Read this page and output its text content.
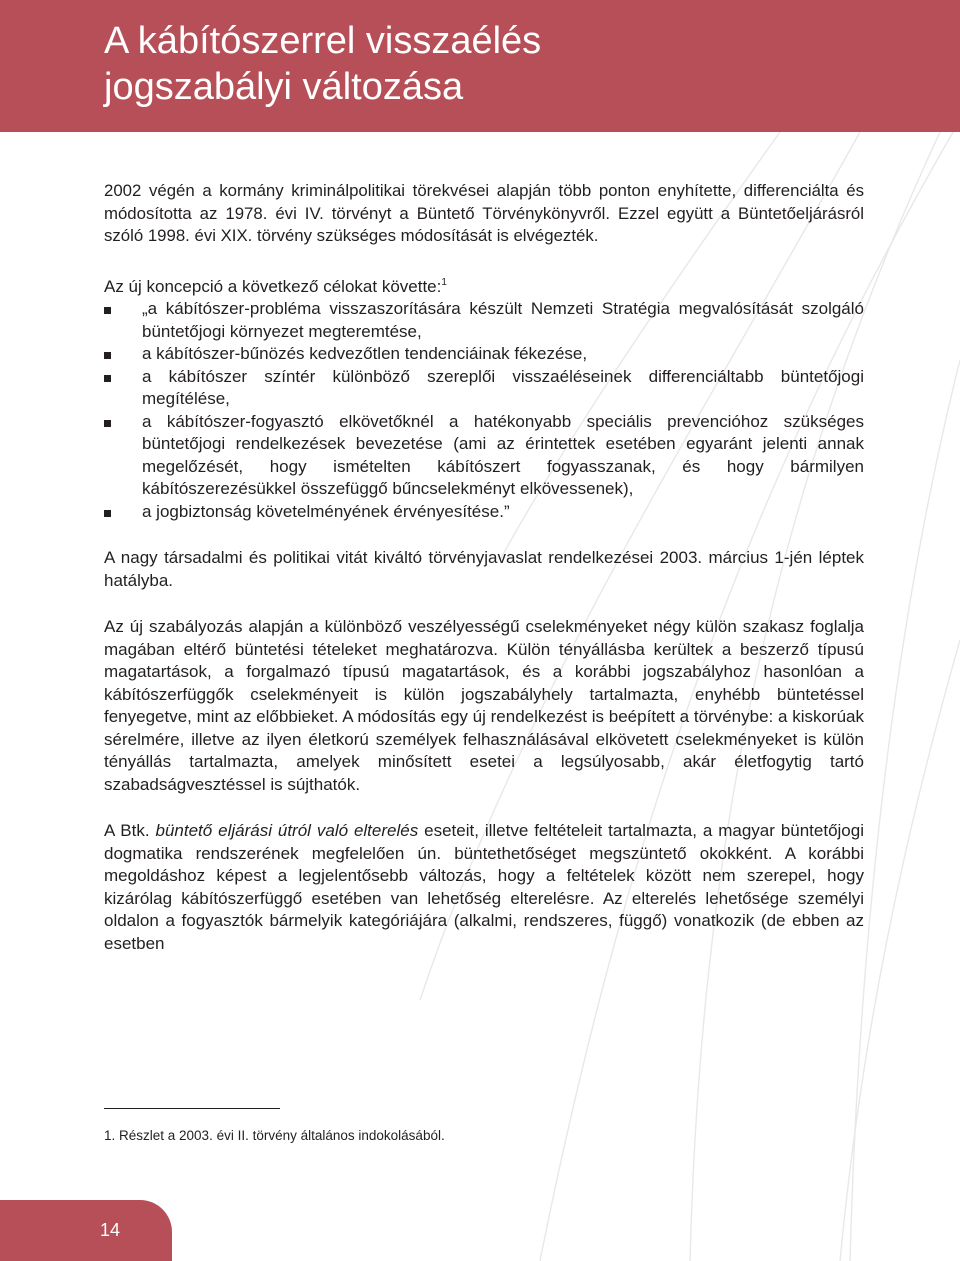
A kábítószerrel visszaélés
jogszabályi változása

2002 végén a kormány kriminálpolitikai törekvései alapján több ponton enyhítette, differenciálta és módosította az 1978. évi IV. törvényt a Büntető Törvénykönyvről. Ezzel együtt a Büntetőeljárásról szóló 1998. évi XIX. törvény szükséges módosítását is elvégezték.

Az új koncepció a következő célokat követte:$^1$

„a kábítószer-probléma visszaszorítására készült Nemzeti Stratégia megvalósítását szolgáló büntetőjogi környezet megteremtése,
a kábítószer-bűnözés kedvezőtlen tendenciáinak fékezése,
a kábítószer színtér különböző szereplői visszaéléseinek differenciáltabb büntetőjogi megítélése,
a kábítószer-fogyasztó elkövetőknél a hatékonyabb speciális prevencióhoz szükséges büntetőjogi rendelkezések bevezetése (ami az érintettek esetében egyaránt jelenti annak megelőzését, hogy ismételten kábítószert fogyasszanak, és hogy bármilyen kábítószerezésükkel összefüggő bűncselekményt elkövessenek),
a jogbiztonság követelményének érvényesítése.”

A nagy társadalmi és politikai vitát kiváltó törvényjavaslat rendelkezései 2003. március 1-jén léptek hatályba.

Az új szabályozás alapján a különböző veszélyességű cselekményeket négy külön szakasz foglalja magában eltérő büntetési tételeket meghatározva. Külön tényállásba kerültek a beszerző típusú magatartások, a forgalmazó típusú magatartások, és a korábbi jogszabályhoz hasonlóan a kábítószerfüggők cselekményeit is külön jogszabályhely tartalmazta, enyhébb büntetéssel fenyegetve, mint az előbbieket. A módosítás egy új rendelkezést is beépített a törvénybe: a kiskorúak sérelmére, illetve az ilyen életkorú személyek felhasználásával elkövetett cselekményeket is külön tényállás tartalmazta, amelyek minősített esetei a legsúlyosabb, akár életfogytig tartó szabadságvesztéssel is sújthatók.

A Btk. büntető eljárási útról való elterelés eseteit, illetve feltételeit tartalmazta, a magyar büntetőjogi dogmatika rendszerének megfelelően ún. büntethetőséget megszüntető okokként. A korábbi megoldáshoz képest a legjelentősebb változás, hogy a feltételek között nem szerepel, hogy kizárólag kábítószerfüggő esetében van lehetőség elterelésre. Az elterelés lehetősége személyi oldalon a fogyasztók bármelyik kategóriájára (alkalmi, rendszeres, függő) vonatkozik (de ebben az esetben

1. Részlet a 2003. évi II. törvény általános indokolásából.

14
